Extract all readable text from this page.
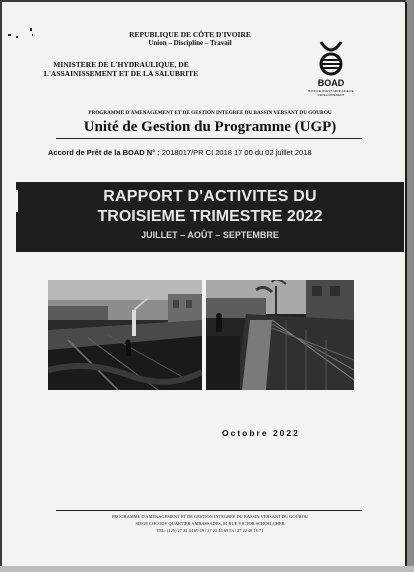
REPUBLIQUE DE CÔTE D'IVOIRE
Union – Discipline – Travail
MINISTERE DE L'HYDRAULIQUE, DE
L'ASSAINISSEMENT ET DE LA SALUBRITE
BOAD
BANQUE OUEST AFRICAINE DE DEVELOPPEMENT
PROGRAMME D'AMENAGEMENT ET DE GESTION INTEGREE DU BASSIN VERSANT DU GOUROU
Unité de Gestion du Programme (UGP)
Accord de Prêt de la BOAD N° : 2018017/PR CI 2018 17 00 du 02 juillet 2018
RAPPORT D'ACTIVITES DU
TROISIEME TRIMESTRE 2022
JUILLET – AOÛT – SEPTEMBRE
Octobre 2022
PROGRAMME D'AMENAGEMENT ET DE GESTION INTEGREE DU BASSIN VERSANT DU GOUROU
SIEGE COCODY QUARTIER AMBASSADES, 04 RUE VICTOR SCHOELCHER
TEL: (225) 27 22 44 69 49 / 27 22 44 69 53 / 27 22 48 18 71
